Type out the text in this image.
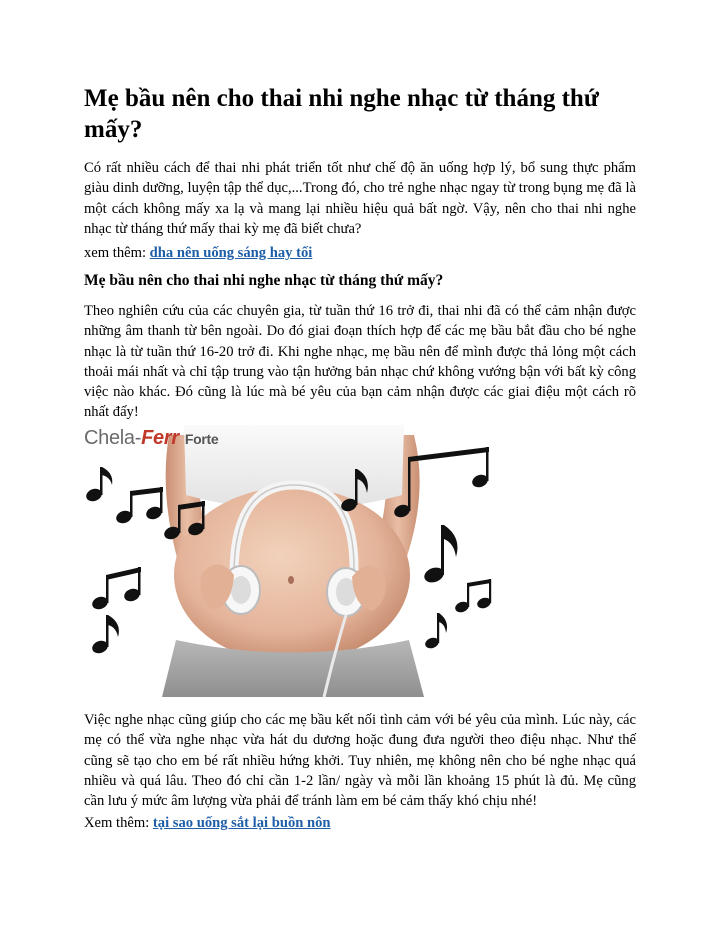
Mẹ bầu nên cho thai nhi nghe nhạc từ tháng thứ mấy?

Có rất nhiều cách để thai nhi phát triển tốt như chế độ ăn uống hợp lý, bổ sung thực phẩm giàu dinh dưỡng, luyện tập thể dục,...Trong đó, cho trẻ nghe nhạc ngay từ trong bụng mẹ đã là một cách không mấy xa lạ và mang lại nhiều hiệu quả bất ngờ. Vậy, nên cho thai nhi nghe nhạc từ tháng thứ mấy thai kỳ mẹ đã biết chưa?

xem thêm: dha nên uống sáng hay tối

Mẹ bầu nên cho thai nhi nghe nhạc từ tháng thứ mấy?

Theo nghiên cứu của các chuyên gia, từ tuần thứ 16 trở đi, thai nhi đã có thể cảm nhận được những âm thanh từ bên ngoài. Do đó giai đoạn thích hợp để các mẹ bầu bắt đầu cho bé nghe nhạc là từ tuần thứ 16-20 trở đi. Khi nghe nhạc, mẹ bầu nên để mình được thả lỏng một cách thoải mái nhất và chỉ tập trung vào tận hưởng bản nhạc chứ không vướng bận với bất kỳ công việc nào khác. Đó cũng là lúc mà bé yêu của bạn cảm nhận được các giai điệu một cách rõ nhất đấy!

Chela-Ferr Forte

Việc nghe nhạc cũng giúp cho các mẹ bầu kết nối tình cảm với bé yêu của mình. Lúc này, các mẹ có thể vừa nghe nhạc vừa hát du dương hoặc đung đưa người theo điệu nhạc. Như thế cũng sẽ tạo cho em bé rất nhiều hứng khởi. Tuy nhiên, mẹ không nên cho bé nghe nhạc quá nhiều và quá lâu. Theo đó chỉ cần 1-2 lần/ ngày và mỗi lần khoảng 15 phút là đủ. Mẹ cũng cần lưu ý mức âm lượng vừa phải để tránh làm em bé cảm thấy khó chịu nhé!

Xem thêm: tại sao uống sắt lại buồn nôn
